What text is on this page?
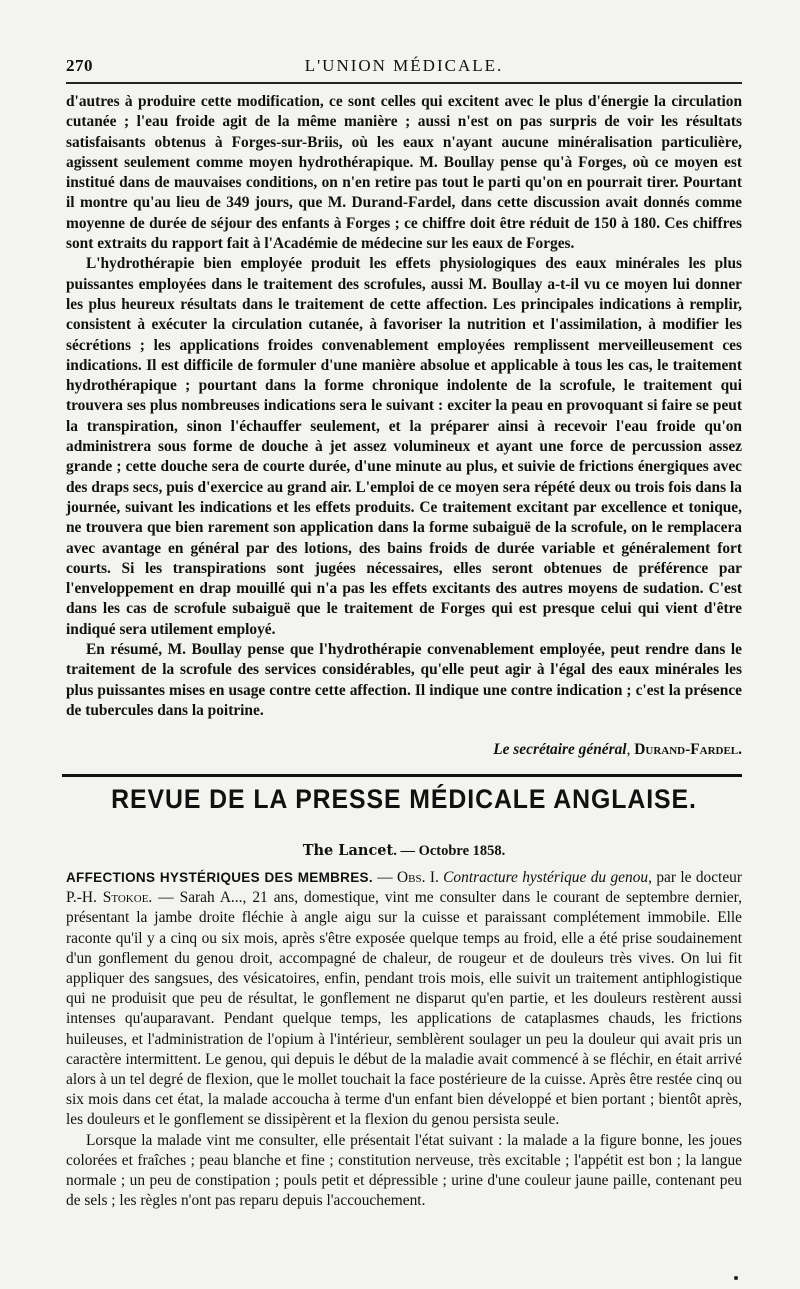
270	L'UNION MÉDICALE.

d'autres à produire cette modification, ce sont celles qui excitent avec le plus d'énergie la circulation cutanée ; l'eau froide agit de la même manière ; aussi n'est on pas surpris de voir les résultats satisfaisants obtenus à Forges-sur-Briis, où les eaux n'ayant aucune minéralisation particulière, agissent seulement comme moyen hydrothérapique. M. Boullay pense qu'à Forges, où ce moyen est institué dans de mauvaises conditions, on n'en retire pas tout le parti qu'on en pourrait tirer. Pourtant il montre qu'au lieu de 349 jours, que M. Durand-Fardel, dans cette discussion avait donnés comme moyenne de durée de séjour des enfants à Forges ; ce chiffre doit être réduit de 150 à 180. Ces chiffres sont extraits du rapport fait à l'Académie de médecine sur les eaux de Forges.

L'hydrothérapie bien employée produit les effets physiologiques des eaux minérales les plus puissantes employées dans le traitement des scrofules, aussi M. Boullay a-t-il vu ce moyen lui donner les plus heureux résultats dans le traitement de cette affection. Les principales indications à remplir, consistent à exécuter la circulation cutanée, à favoriser la nutrition et l'assimilation, à modifier les sécrétions ; les applications froides convenablement employées remplissent merveilleusement ces indications. Il est difficile de formuler d'une manière absolue et applicable à tous les cas, le traitement hydrothérapique ; pourtant dans la forme chronique indolente de la scrofule, le traitement qui trouvera ses plus nombreuses indications sera le suivant : exciter la peau en provoquant si faire se peut la transpiration, sinon l'échauffer seulement, et la préparer ainsi à recevoir l'eau froide qu'on administrera sous forme de douche à jet assez volumineux et ayant une force de percussion assez grande ; cette douche sera de courte durée, d'une minute au plus, et suivie de frictions énergiques avec des draps secs, puis d'exercice au grand air. L'emploi de ce moyen sera répété deux ou trois fois dans la journée, suivant les indications et les effets produits. Ce traitement excitant par excellence et tonique, ne trouvera que bien rarement son application dans la forme subaiguë de la scrofule, on le remplacera avec avantage en général par des lotions, des bains froids de durée variable et généralement fort courts. Si les transpirations sont jugées nécessaires, elles seront obtenues de préférence par l'enveloppement en drap mouillé qui n'a pas les effets excitants des autres moyens de sudation. C'est dans les cas de scrofule subaiguë que le traitement de Forges qui est presque celui qui vient d'être indiqué sera utilement employé.

En résumé, M. Boullay pense que l'hydrothérapie convenablement employée, peut rendre dans le traitement de la scrofule des services considérables, qu'elle peut agir à l'égal des eaux minérales les plus puissantes mises en usage contre cette affection. Il indique une contre indication ; c'est la présence de tubercules dans la poitrine.

Le secrétaire général, Durand-Fardel.
REVUE DE LA PRESSE MÉDICALE ANGLAISE.
The Lancet. — Octobre 1858.

AFFECTIONS HYSTÉRIQUES DES MEMBRES. — Obs. I. Contracture hystérique du genou, par le docteur P.-H. Stokoe. — Sarah A..., 21 ans, domestique, vint me consulter dans le courant de septembre dernier, présentant la jambe droite fléchie à angle aigu sur la cuisse et paraissant complétement immobile. Elle raconte qu'il y a cinq ou six mois, après s'être exposée quelque temps au froid, elle a été prise soudainement d'un gonflement du genou droit, accompagné de chaleur, de rougeur et de douleurs très vives. On lui fit appliquer des sangsues, des vésicatoires, enfin, pendant trois mois, elle suivit un traitement antiphlogistique qui ne produisit que peu de résultat, le gonflement ne disparut qu'en partie, et les douleurs restèrent aussi intenses qu'auparavant. Pendant quelque temps, les applications de cataplasmes chauds, les frictions huileuses, et l'administration de l'opium à l'intérieur, semblèrent soulager un peu la douleur qui avait pris un caractère intermittent. Le genou, qui depuis le début de la maladie avait commencé à se fléchir, en était arrivé alors à un tel degré de flexion, que le mollet touchait la face postérieure de la cuisse. Après être restée cinq ou six mois dans cet état, la malade accoucha à terme d'un enfant bien développé et bien portant ; bientôt après, les douleurs et le gonflement se dissipèrent et la flexion du genou persista seule.

Lorsque la malade vint me consulter, elle présentait l'état suivant : la malade a la figure bonne, les joues colorées et fraîches ; peau blanche et fine ; constitution nerveuse, très excitable ; l'appétit est bon ; la langue normale ; un peu de constipation ; pouls petit et dépressible ; urine d'une couleur jaune paille, contenant peu de sels ; les règles n'ont pas reparu depuis l'accouchement.
